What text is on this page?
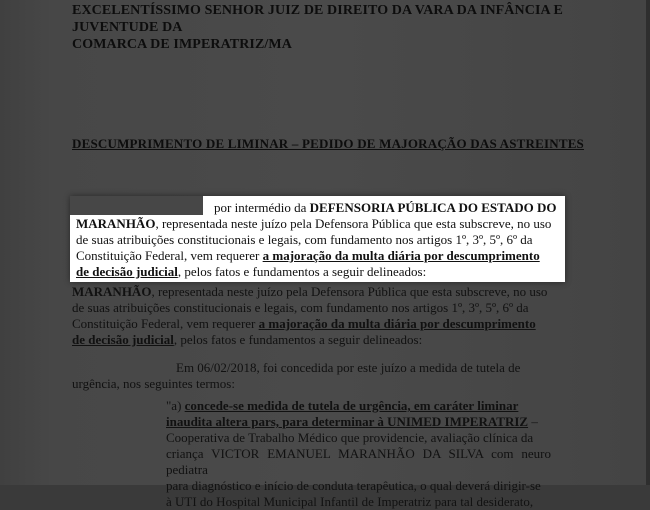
EXCELENTÍSSIMO SENHOR JUIZ DE DIREITO DA VARA DA INFÂNCIA E JUVENTUDE DA
COMARCA DE IMPERATRIZ/MA
DESCUMPRIMENTO DE LIMINAR – PEDIDO DE MAJORAÇÃO DAS ASTREINTES
por intermédio da DEFENSORIA PÚBLICA DO ESTADO DO
MARANHÃO, representada neste juízo pela Defensora Pública que esta subscreve, no uso
de suas atribuições constitucionais e legais, com fundamento nos artigos 1º, 3º, 5º, 6º da
Constituição Federal, vem requerer a majoração da multa diária por descumprimento
de decisão judicial, pelos fatos e fundamentos a seguir delineados:
MARANHÃO, representada neste juízo pela Defensora Pública que esta subscreve, no uso
de suas atribuições constitucionais e legais, com fundamento nos artigos 1º, 3º, 5º, 6º da
Constituição Federal, vem requerer a majoração da multa diária por descumprimento
de decisão judicial, pelos fatos e fundamentos a seguir delineados:
Em 06/02/2018, foi concedida por este juízo a medida de tutela de
urgência, nos seguintes termos:
"a) concede-se medida de tutela de urgência, em caráter liminar
inaudita altera pars, para determinar à UNIMED IMPERATRIZ –
Cooperativa de Trabalho Médico que providencie, avaliação clínica da
criança VICTOR EMANUEL MARANHÃO DA SILVA com neuro pediatra
para diagnóstico e início de conduta terapêutica, o qual deverá dirigir-se
à UTI do Hospital Municipal Infantil de Imperatriz para tal desiderato,
